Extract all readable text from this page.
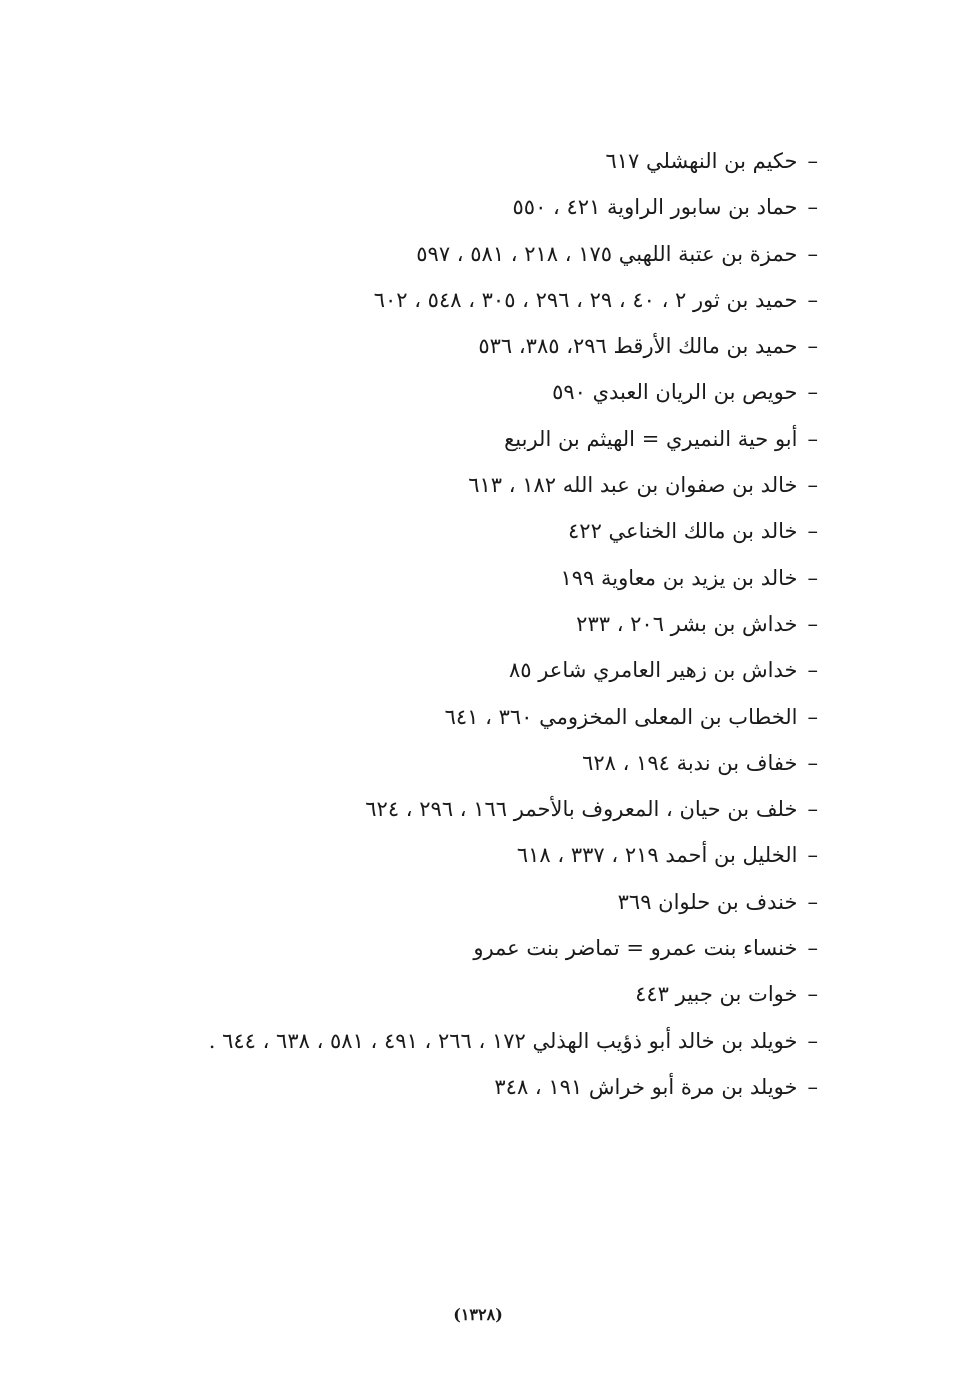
–حكيم بن النهشلي ٦١٧
–حماد بن سابور الراوية ٤٢١ ، ٥٥٠
–حمزة بن عتبة اللهبي ١٧٥ ، ٢١٨ ، ٥٨١ ، ٥٩٧
–حميد بن ثور ٢ ، ٤٠ ، ٢٩ ، ٢٩٦ ، ٣٠٥ ، ٥٤٨ ، ٦٠٢
–حميد بن مالك الأرقط ٢٩٦، ٣٨٥، ٥٣٦
–حويص بن الريان العبدي ٥٩٠
–أبو حية النميري = الهيثم بن الربيع
–خالد بن صفوان بن عبد الله ١٨٢ ، ٦١٣
–خالد بن مالك الخناعي ٤٢٢
–خالد بن يزيد بن معاوية ١٩٩
–خداش بن بشر ٢٠٦ ، ٢٣٣
–خداش بن زهير العامري شاعر ٨٥
–الخطاب بن المعلى المخزومي ٣٦٠ ، ٦٤١
–خفاف بن ندبة ١٩٤ ، ٦٢٨
–خلف بن حيان ، المعروف بالأحمر ١٦٦ ، ٢٩٦ ، ٦٢٤
–الخليل بن أحمد ٢١٩ ، ٣٣٧ ، ٦١٨
–خندف بن حلوان ٣٦٩
–خنساء بنت عمرو = تماضر بنت عمرو
–خوات بن جبير ٤٤٣
–خويلد بن خالد أبو ذؤيب الهذلي ١٧٢ ، ٢٦٦ ، ٤٩١ ، ٥٨١ ، ٦٣٨ ، ٦٤٤ .
–خويلد بن مرة أبو خراش ١٩١ ، ٣٤٨
(١٣٢٨)
